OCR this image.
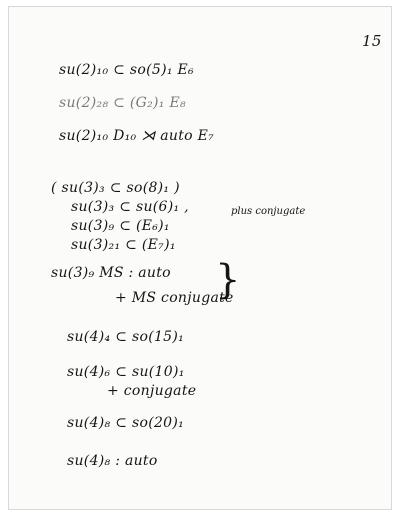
15

su(2)₁₀ ⊂ so(5)₁ E₆

su(2)₂₈ ⊂ (G₂)₁ E₈

su(2)₁₀ D₁₀ ⋊ auto E₇

( su(3)₃ ⊂ so(8)₁ )

su(3)₃ ⊂ su(6)₁ ,	plus conjugate

su(3)₉ ⊂ (E₆)₁

su(3)₂₁ ⊂ (E₇)₁

su(3)₉ MS : auto

+ MS conjugate

}

su(4)₄ ⊂ so(15)₁

su(4)₆ ⊂ su(10)₁

+ conjugate

su(4)₈ ⊂ so(20)₁

su(4)₈ : auto
